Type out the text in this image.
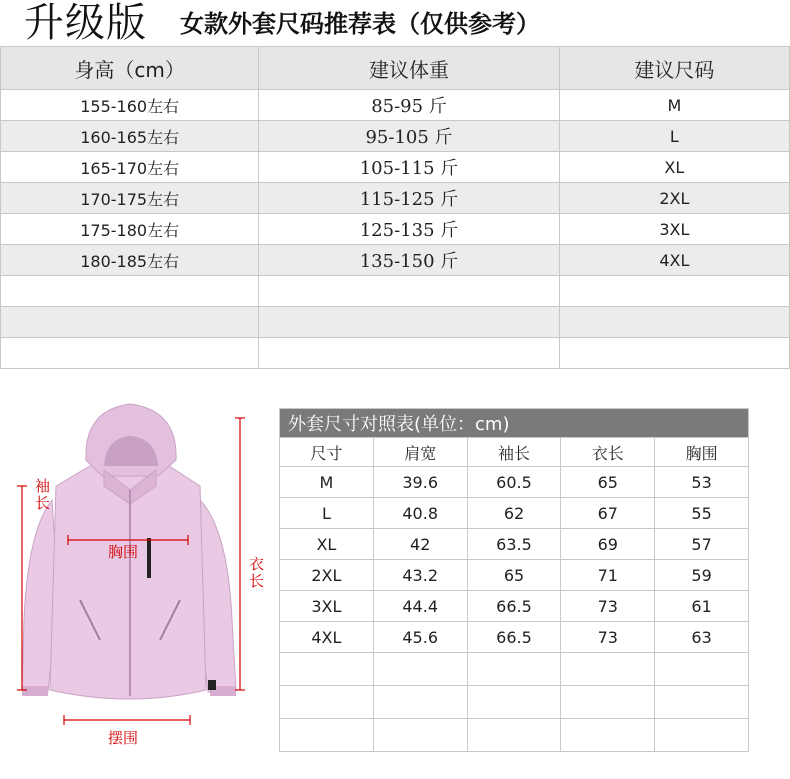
升级版 女款外套尺码推荐表（仅供参考）
身高（cm）	建议体重	建议尺码
155-160左右	85-95 斤	M
160-165左右	95-105 斤	L
165-170左右	105-115 斤	XL
170-175左右	115-125 斤	2XL
175-180左右	125-135 斤	3XL
180-185左右	135-150 斤	4XL

袖长
胸围
衣长
摆围
外套尺寸对照表(单位：cm)				
尺寸	肩宽	袖长	衣长	胸围
M	39.6	60.5	65	53
L	40.8	62	67	55
XL	42	63.5	69	57
2XL	43.2	65	71	59
3XL	44.4	66.5	73	61
4XL	45.6	66.5	73	63
